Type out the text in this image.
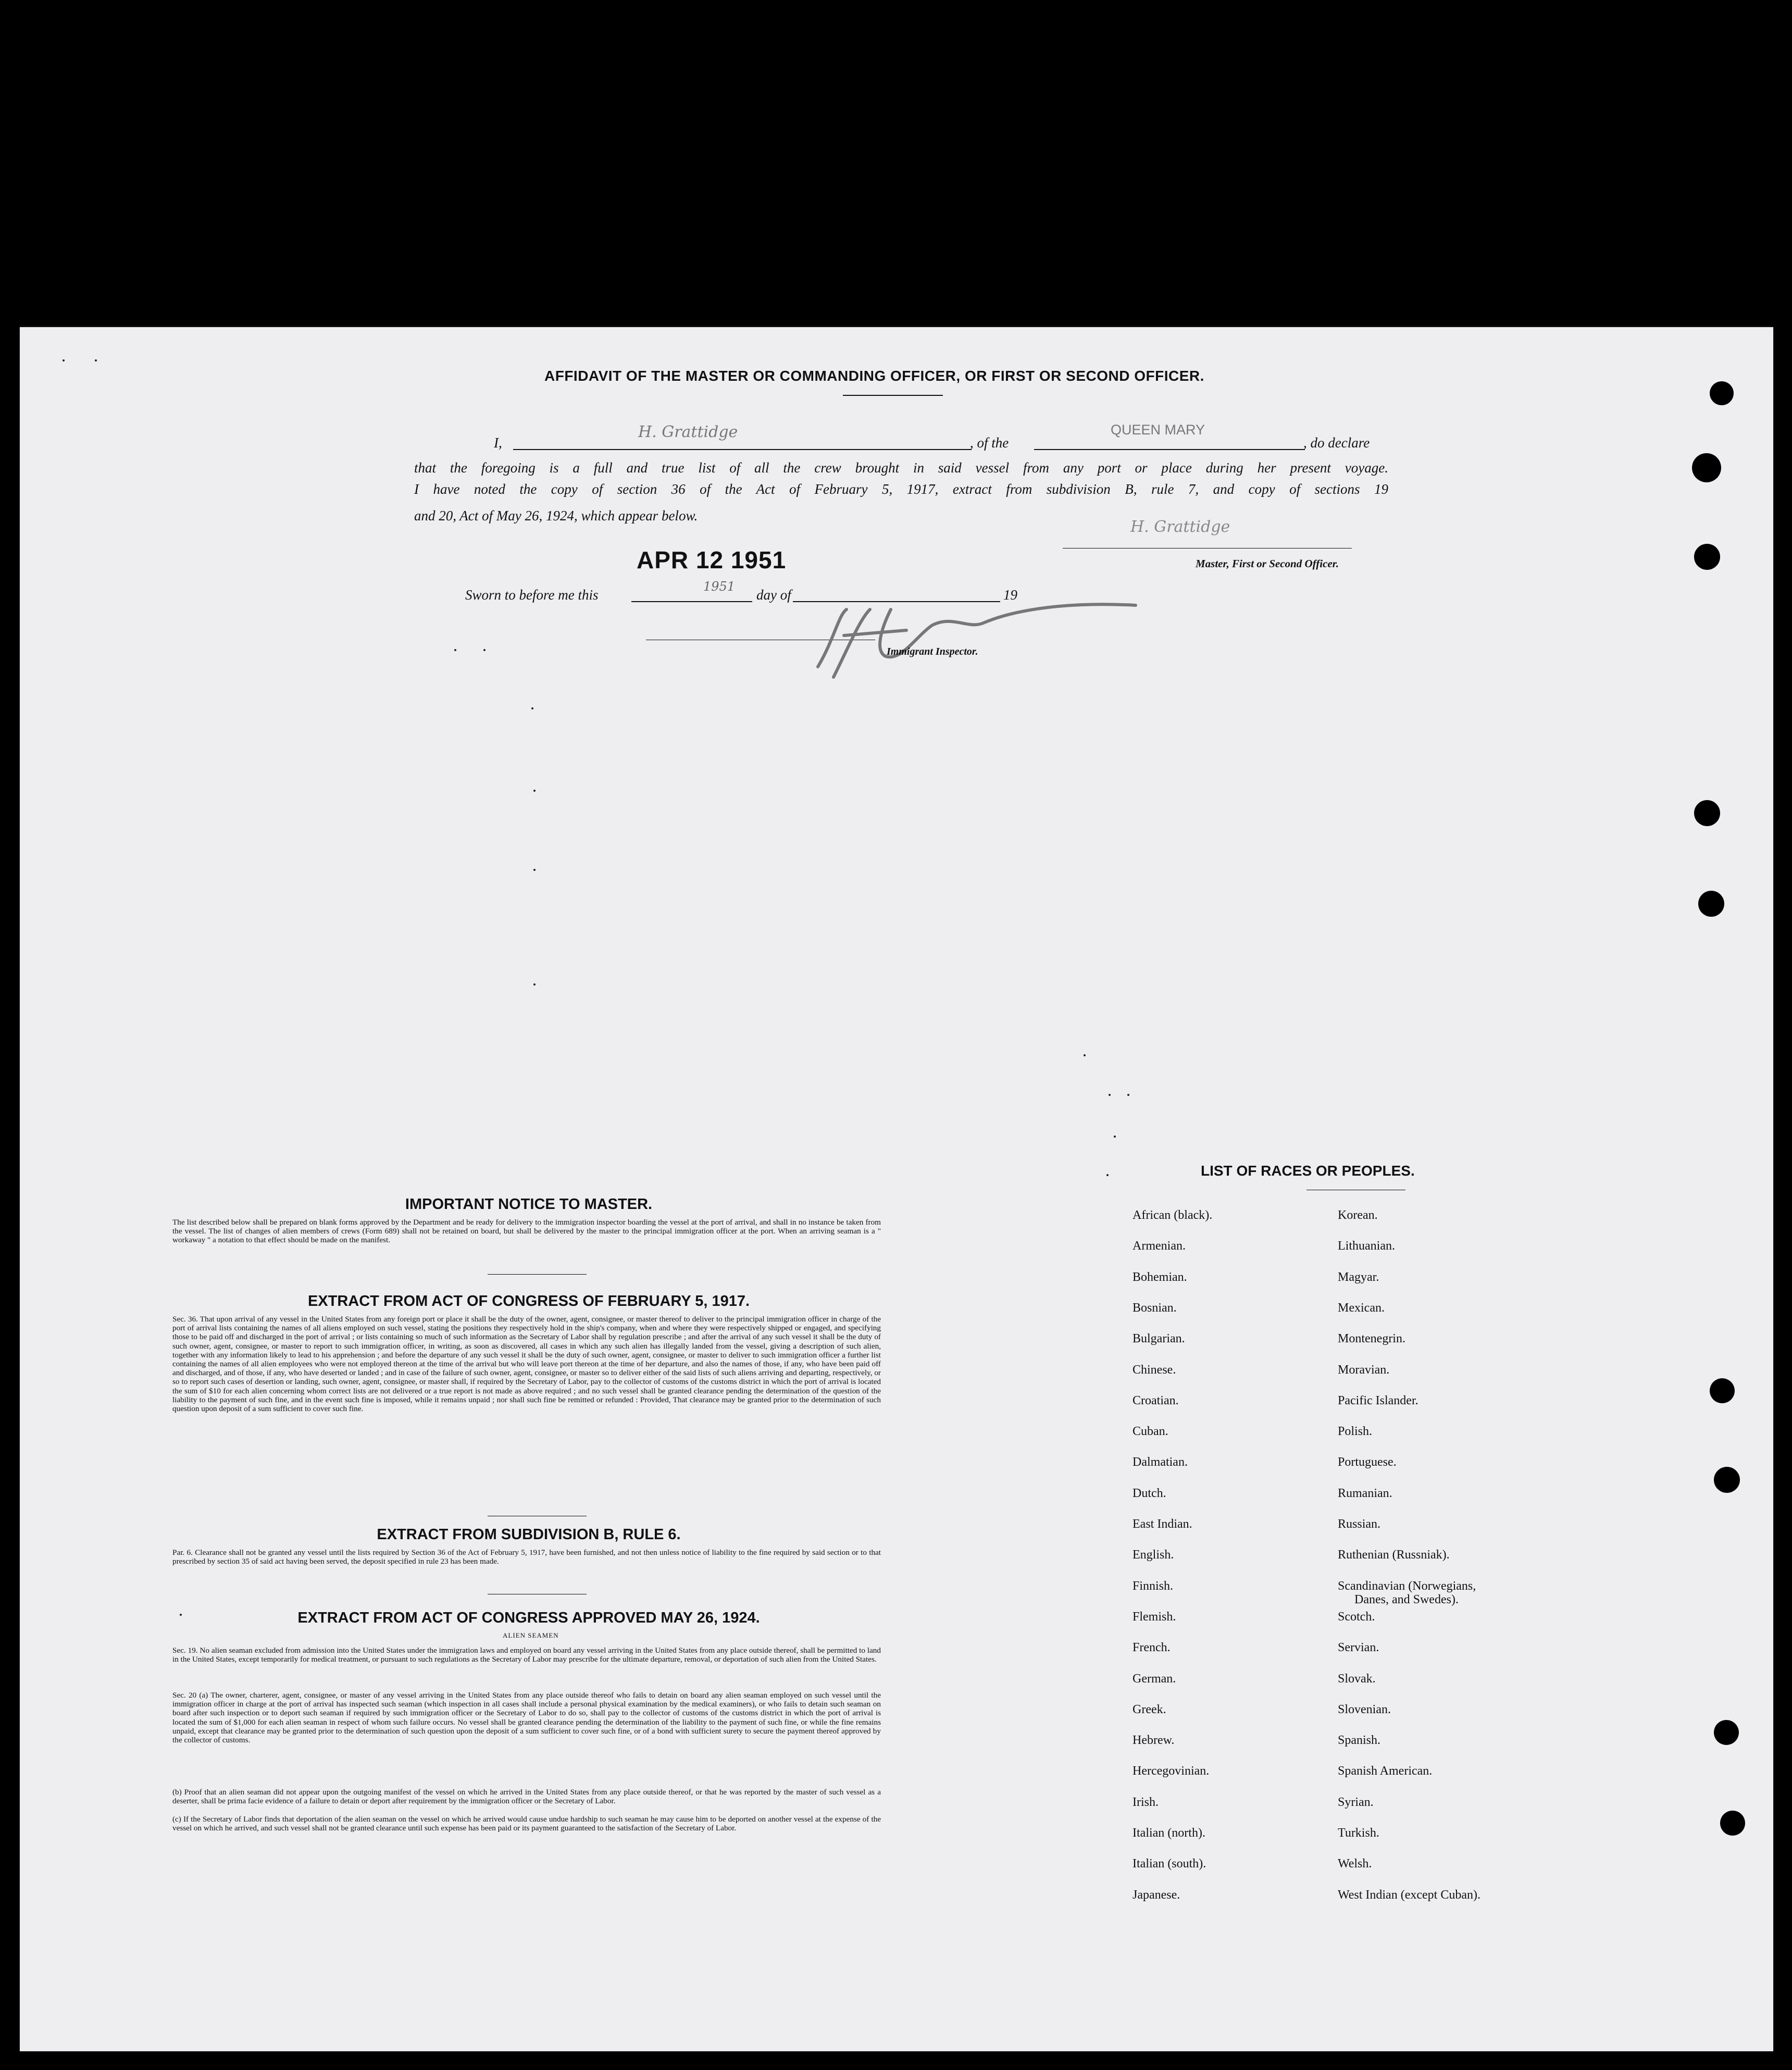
AFFIDAVIT OF THE MASTER OR COMMANDING OFFICER, OR FIRST OR SECOND OFFICER.
I,
H. Grattidge
, of the
QUEEN MARY
, do declare
that the foregoing is a full and true list of all the crew brought in said vessel from any port or place during her present voyage.
I have noted the copy of section 36 of the Act of February 5, 1917, extract from subdivision B, rule 7, and copy of sections 19
and 20, Act of May 26, 1924, which appear below.
H. Grattidge
Master, First or Second Officer.
APR 12 1951
Sworn to before me this
1951
day of	19
Immigrant Inspector.
IMPORTANT NOTICE TO MASTER.
The list described below shall be prepared on blank forms approved by the Department and be ready for delivery to the immigration inspector boarding the vessel at the port of arrival, and shall in no instance be taken from the vessel. The list of changes of alien members of crews (Form 689) shall not be retained on board, but shall be delivered by the master to the principal immigration officer at the port. When an arriving seaman is a " workaway " a notation to that effect should be made on the manifest.
EXTRACT FROM ACT OF CONGRESS OF FEBRUARY 5, 1917.
Sec. 36. That upon arrival of any vessel in the United States from any foreign port or place it shall be the duty of the owner, agent, consignee, or master thereof to deliver to the principal immigration officer in charge of the port of arrival lists containing the names of all aliens employed on such vessel, stating the positions they respectively hold in the ship's company, when and where they were respectively shipped or engaged, and specifying those to be paid off and discharged in the port of arrival ; or lists containing so much of such information as the Secretary of Labor shall by regulation prescribe ; and after the arrival of any such vessel it shall be the duty of such owner, agent, consignee, or master to report to such immigration officer, in writing, as soon as discovered, all cases in which any such alien has illegally landed from the vessel, giving a description of such alien, together with any information likely to lead to his apprehension ; and before the departure of any such vessel it shall be the duty of such owner, agent, consignee, or master to deliver to such immigration officer a further list containing the names of all alien employees who were not employed thereon at the time of the arrival but who will leave port thereon at the time of her departure, and also the names of those, if any, who have been paid off and discharged, and of those, if any, who have deserted or landed ; and in case of the failure of such owner, agent, consignee, or master so to deliver either of the said lists of such aliens arriving and departing, respectively, or so to report such cases of desertion or landing, such owner, agent, consignee, or master shall, if required by the Secretary of Labor, pay to the collector of customs of the customs district in which the port of arrival is located the sum of $10 for each alien concerning whom correct lists are not delivered or a true report is not made as above required ; and no such vessel shall be granted clearance pending the determination of the question of the liability to the payment of such fine, and in the event such fine is imposed, while it remains unpaid ; nor shall such fine be remitted or refunded : Provided, That clearance may be granted prior to the determination of such question upon deposit of a sum sufficient to cover such fine.
EXTRACT FROM SUBDIVISION B, RULE 6.
Par. 6. Clearance shall not be granted any vessel until the lists required by Section 36 of the Act of February 5, 1917, have been furnished, and not then unless notice of liability to the fine required by said section or to that prescribed by section 35 of said act having been served, the deposit specified in rule 23 has been made.
EXTRACT FROM ACT OF CONGRESS APPROVED MAY 26, 1924.
ALIEN SEAMEN
Sec. 19. No alien seaman excluded from admission into the United States under the immigration laws and employed on board any vessel arriving in the United States from any place outside thereof, shall be permitted to land in the United States, except temporarily for medical treatment, or pursuant to such regulations as the Secretary of Labor may prescribe for the ultimate departure, removal, or deportation of such alien from the United States.
Sec. 20 (a) The owner, charterer, agent, consignee, or master of any vessel arriving in the United States from any place outside thereof who fails to detain on board any alien seaman employed on such vessel until the immigration officer in charge at the port of arrival has inspected such seaman (which inspection in all cases shall include a personal physical examination by the medical examiners), or who fails to detain such seaman on board after such inspection or to deport such seaman if required by such immigration officer or the Secretary of Labor to do so, shall pay to the collector of customs of the customs district in which the port of arrival is located the sum of $1,000 for each alien seaman in respect of whom such failure occurs. No vessel shall be granted clearance pending the determination of the liability to the payment of such fine, or while the fine remains unpaid, except that clearance may be granted prior to the determination of such question upon the deposit of a sum sufficient to cover such fine, or of a bond with sufficient surety to secure the payment thereof approved by the collector of customs.
(b) Proof that an alien seaman did not appear upon the outgoing manifest of the vessel on which he arrived in the United States from any place outside thereof, or that he was reported by the master of such vessel as a deserter, shall be prima facie evidence of a failure to detain or deport after requirement by the immigration officer or the Secretary of Labor.
(c) If the Secretary of Labor finds that deportation of the alien seaman on the vessel on which he arrived would cause undue hardship to such seaman he may cause him to be deported on another vessel at the expense of the vessel on which he arrived, and such vessel shall not be granted clearance until such expense has been paid or its payment guaranteed to the satisfaction of the Secretary of Labor.
LIST OF RACES OR PEOPLES.
African (black).
Armenian.
Bohemian.
Bosnian.
Bulgarian.
Chinese.
Croatian.
Cuban.
Dalmatian.
Dutch.
East Indian.
English.
Finnish.
Flemish.
French.
German.
Greek.
Hebrew.
Hercegovinian.
Irish.
Italian (north).
Italian (south).
Japanese.
Korean.
Lithuanian.
Magyar.
Mexican.
Montenegrin.
Moravian.
Pacific Islander.
Polish.
Portuguese.
Rumanian.
Russian.
Ruthenian (Russniak).
Scandinavian (Norwegians,
Scotch.
Servian.
Slovak.
Slovenian.
Spanish.
Spanish American.
Syrian.
Turkish.
Welsh.
West Indian (except Cuban).
Danes, and Swedes).
